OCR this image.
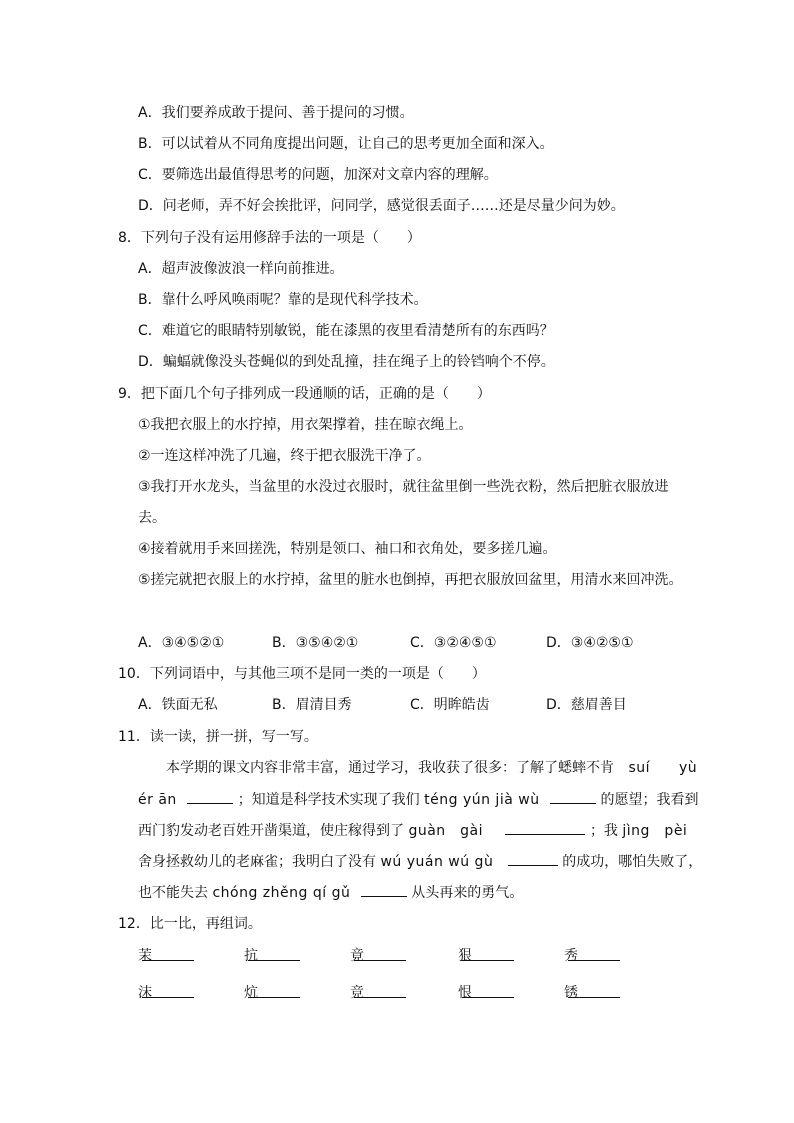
A．我们要养成敢于提问、善于提问的习惯。
B．可以试着从不同角度提出问题，让自己的思考更加全面和深入。
C．要筛选出最值得思考的问题，加深对文章内容的理解。
D．问老师，弄不好会挨批评，问同学，感觉很丢面子……还是尽量少问为妙。
8．下列句子没有运用修辞手法的一项是（　　）
A．超声波像波浪一样向前推进。
B．靠什么呼风唤雨呢？靠的是现代科学技术。
C．难道它的眼睛特别敏锐，能在漆黑的夜里看清楚所有的东西吗？
D．蝙蝠就像没头苍蝇似的到处乱撞，挂在绳子上的铃铛响个不停。
9．把下面几个句子排列成一段通顺的话，正确的是（　　）
①我把衣服上的水拧掉，用衣架撑着，挂在晾衣绳上。
②一连这样冲洗了几遍，终于把衣服洗干净了。
③我打开水龙头，当盆里的水没过衣服时，就往盆里倒一些洗衣粉，然后把脏衣服放进
去。
④接着就用手来回搓洗，特别是领口、袖口和衣角处，要多搓几遍。
⑤搓完就把衣服上的水拧掉，盆里的脏水也倒掉，再把衣服放回盆里，用清水来回冲洗。
A．③④⑤②①	B．③⑤④②①	C．③②④⑤①	D．③④②⑤①
10．下列词语中，与其他三项不是同一类的一项是（　　）
A．铁面无私	B．眉清目秀	C．明眸皓齿	D．慈眉善目
11．读一读，拼一拼，写一写。
本学期的课文内容非常丰富，通过学习，我收获了很多：了解了蟋蟀不肯 suí　　yù
ér ān	；知道是科学技术实现了我们 téng yún jià wù	的愿望；我看到
西门豹发动老百姓开凿渠道，使庄稼得到了 guàn　gài	；我 jìng　pèi
舍身拯救幼儿的老麻雀；我明白了没有 wú yuán wú gù	的成功，哪怕失败了，
也不能失去 chóng zhěng qí gǔ	从头再来的勇气。
12．比一比，再组词。
茉	抗	竟	狠	秀
沫	炕	竞	恨	锈
